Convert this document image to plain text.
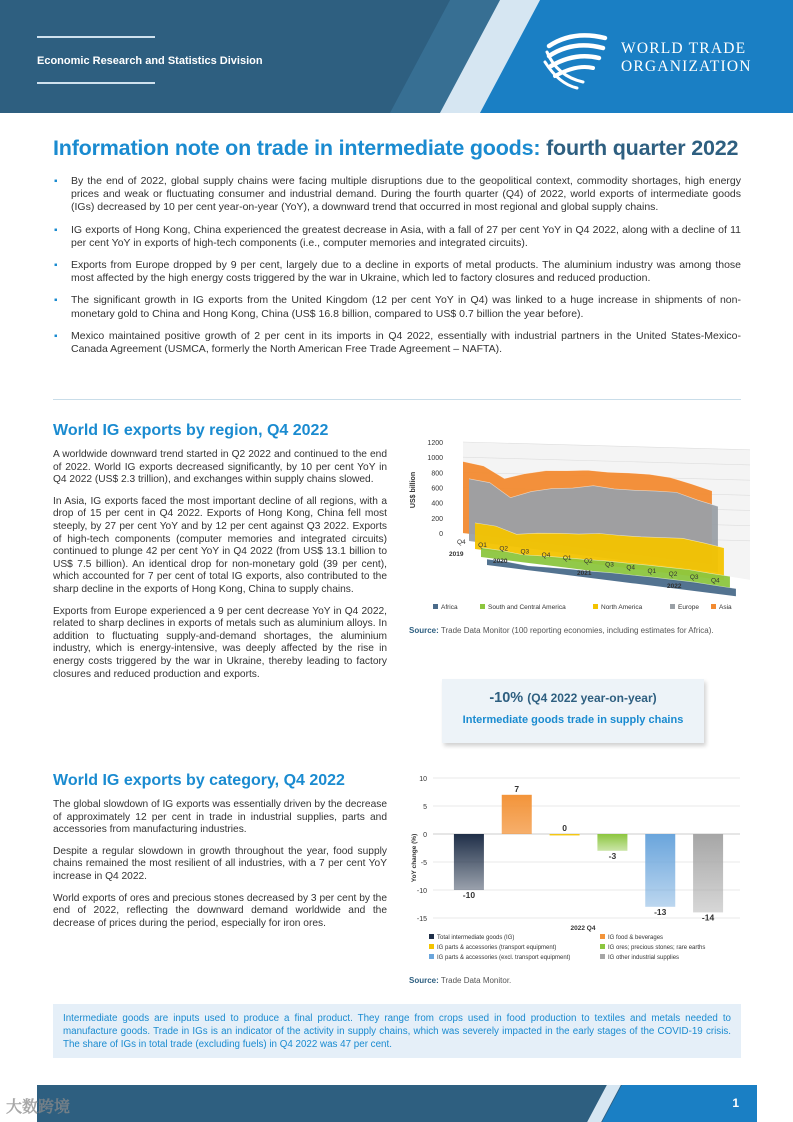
Economic Research and Statistics Division
WORLD TRADE
ORGANIZATION
Information note on trade in intermediate goods: fourth quarter 2022
▪ By the end of 2022, global supply chains were facing multiple disruptions due to the geopolitical context, commodity shortages, high energy prices and weak or fluctuating consumer and industrial demand. During the fourth quarter (Q4) of 2022, world exports of intermediate goods (IGs) decreased by 10 per cent year-on-year (YoY), a downward trend that occurred in most regional and global supply chains.
▪ IG exports of Hong Kong, China experienced the greatest decrease in Asia, with a fall of 27 per cent YoY in Q4 2022, along with a decline of 11 per cent YoY in exports of high-tech components (i.e., computer memories and integrated circuits).
▪ Exports from Europe dropped by 9 per cent, largely due to a decline in exports of metal products. The aluminium industry was among those most affected by the high energy costs triggered by the war in Ukraine, which led to factory closures and reduced production.
▪ The significant growth in IG exports from the United Kingdom (12 per cent YoY in Q4) was linked to a huge increase in shipments of non-monetary gold to China and Hong Kong, China (US$ 16.8 billion, compared to US$ 0.7 billion the year before).
▪ Mexico maintained positive growth of 2 per cent in its imports in Q4 2022, essentially with industrial partners in the United States-Mexico-Canada Agreement (USMCA, formerly the North American Free Trade Agreement – NAFTA).
World IG exports by region, Q4 2022

A worldwide downward trend started in Q2 2022 and continued to the end of 2022. World IG exports decreased significantly, by 10 per cent YoY in Q4 2022 (US$ 2.3 trillion), and exchanges within supply chains slowed.

In Asia, IG exports faced the most important decline of all regions, with a drop of 15 per cent in Q4 2022. Exports of Hong Kong, China fell most steeply, by 27 per cent YoY and by 12 per cent against Q3 2022. Exports of high-tech components (computer memories and integrated circuits) continued to plunge 42 per cent YoY in Q4 2022 (from US$ 13.1 billion to US$ 7.5 billion). An identical drop for non-monetary gold (39 per cent), which accounted for 7 per cent of total IG exports, also contributed to the sharp decline in the exports of Hong Kong, China to supply chains.

Exports from Europe experienced a 9 per cent decrease YoY in Q4 2022, related to sharp declines in exports of metals such as aluminium alloys. In addition to fluctuating supply-and-demand shortages, the aluminium industry, which is energy-intensive, was deeply affected by the rise in energy costs triggered by the war in Ukraine, thereby leading to factory closures and reduced production and exports.

0
200
400
600
800
1000
1200
US$ billion
Q4 Q1 Q2 Q3 Q4 Q1 Q2 Q3 Q4 Q1 Q2 Q3 Q4
2019
2020
2021
2022
Africa	South and Central America	North America	Europe	Asia
Source: Trade Data Monitor (100 reporting economies, including estimates for Africa).
-10% (Q4 2022 year-on-year)
Intermediate goods trade in supply chains
World IG exports by category, Q4 2022

The global slowdown of IG exports was essentially driven by the decrease of approximately 12 per cent in trade in industrial supplies, parts and accessories from manufacturing industries.

Despite a regular slowdown in growth throughout the year, food supply chains remained the most resilient of all industries, with a 7 per cent YoY increase in Q4 2022.

World exports of ores and precious stones decreased by 3 per cent by the end of 2022, reflecting the downward demand worldwide and the decrease of prices during the period, especially for iron ores.

10
5
0
-5
-10
-15
YoY change (%)
-10
7
0
-3
-13
-14
2022 Q4
Total intermediate goods (IG)	IG food & beverages
IG parts & accessories (transport equipment)	IG ores; precious stones; rare earths
IG parts & accessories (excl. transport equipment)	IG other industrial supplies
Source: Trade Data Monitor.
Intermediate goods are inputs used to produce a final product. They range from crops used in food production to textiles and metals needed to manufacture goods. Trade in IGs is an indicator of the activity in supply chains, which was severely impacted in the early stages of the COVID-19 crisis. The share of IGs in total trade (excluding fuels) in Q4 2022 was 47 per cent.
1
大数跨境
